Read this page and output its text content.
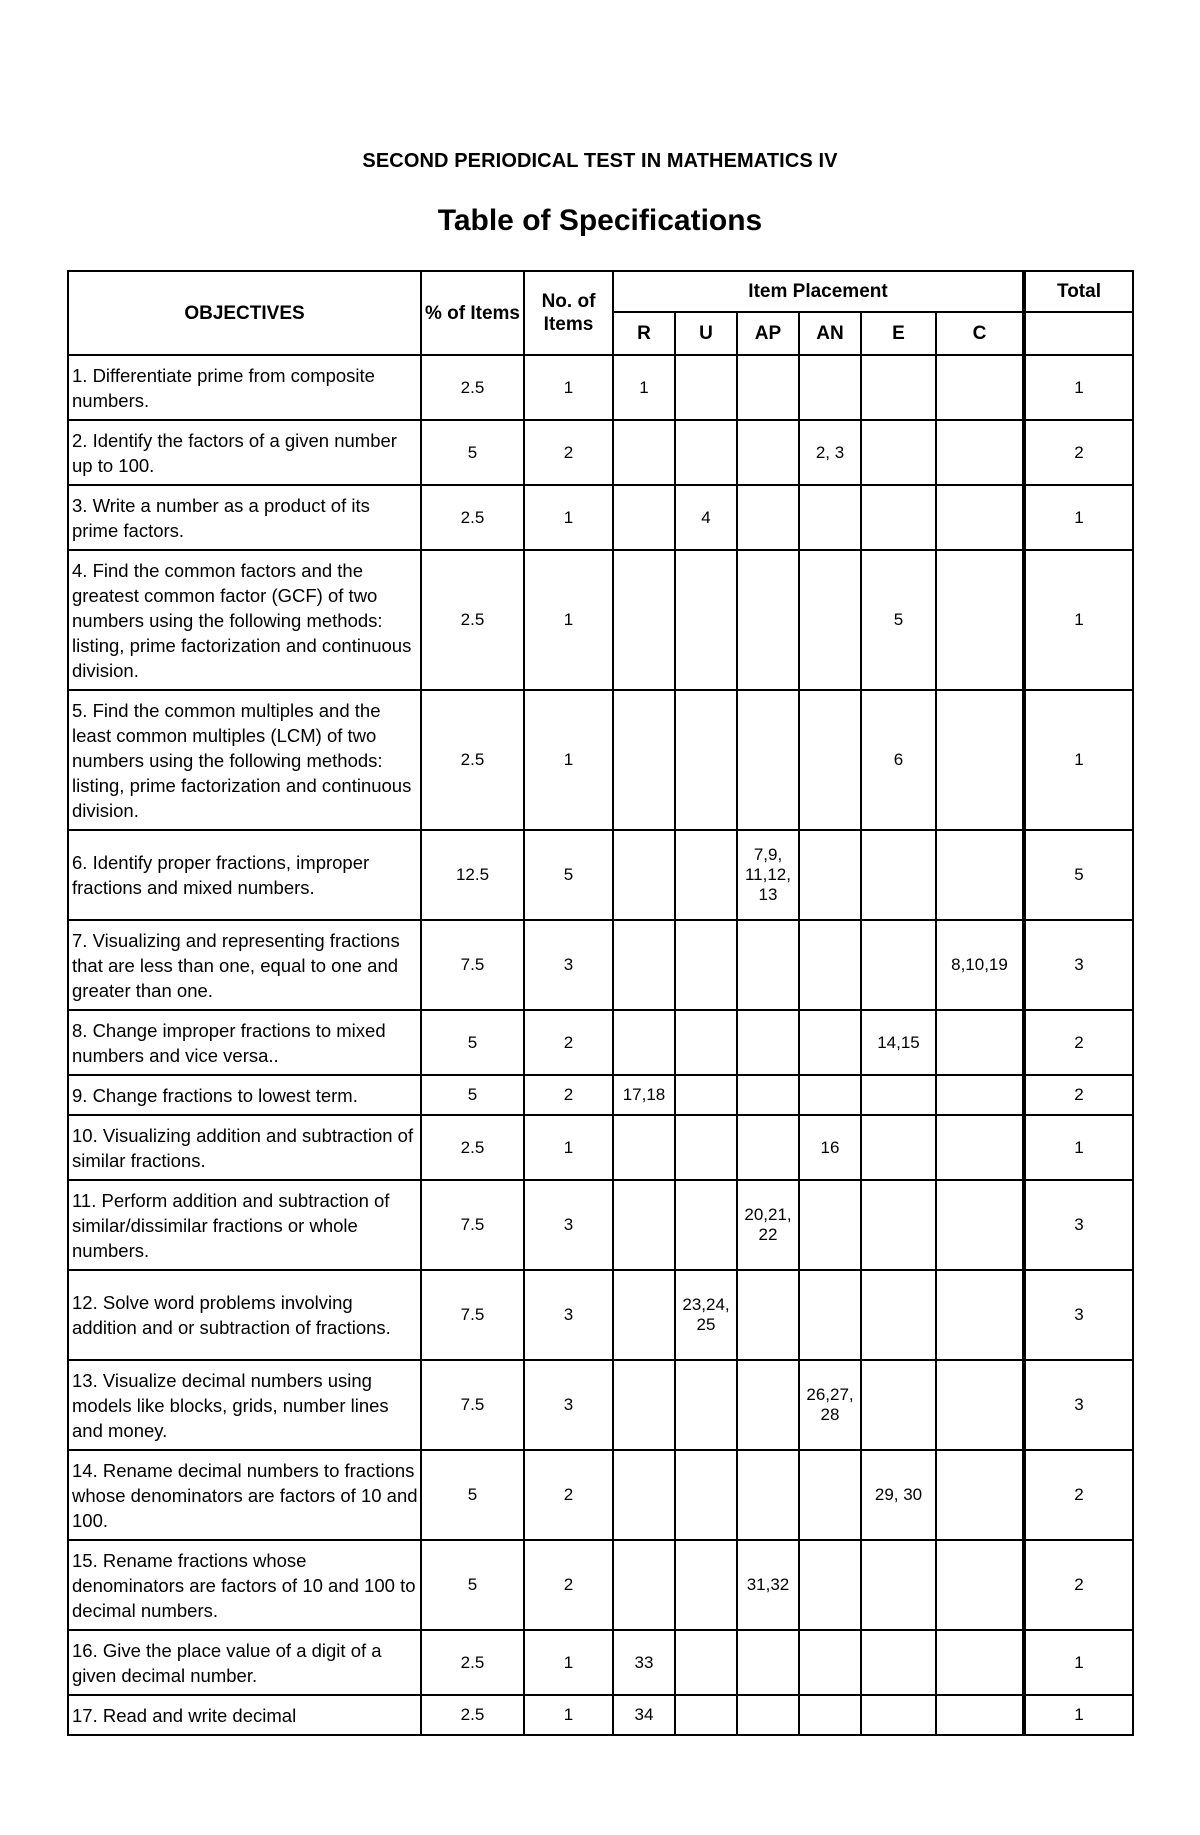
SECOND PERIODICAL TEST IN MATHEMATICS IV
Table of Specifications
OBJECTIVES	% of Items	No. of Items	Item Placement						Total
			R	U	AP	AN	E	C	
1. Differentiate prime from composite numbers.	2.5	1	1						1
2. Identify the factors of a given number up to 100.	5	2				2, 3			2
3. Write a number as a product of its prime factors.	2.5	1		4					1
4. Find the common factors and the greatest common factor (GCF) of two numbers using the following methods: listing, prime factorization and continuous division.	2.5	1					5		1
5. Find the common multiples and the least common multiples (LCM) of two numbers using the following methods: listing, prime factorization and continuous division.	2.5	1					6		1
6. Identify proper fractions, improper fractions and mixed numbers.	12.5	5			7,9, 11,12, 13				5
7. Visualizing and representing fractions that are less than one, equal to one and greater than one.	7.5	3						8,10,19	3
8. Change improper fractions to mixed numbers and vice versa..	5	2					14,15		2
9. Change fractions to lowest term.	5	2	17,18						2
10. Visualizing addition and subtraction of similar fractions.	2.5	1				16			1
11. Perform addition and subtraction of similar/dissimilar fractions or whole numbers.	7.5	3			20,21, 22				3
12. Solve word problems involving addition and or subtraction of fractions.	7.5	3		23,24, 25					3
13. Visualize decimal numbers using models like blocks, grids, number lines and money.	7.5	3				26,27, 28			3
14. Rename decimal numbers to fractions whose denominators are factors of 10 and 100.	5	2					29, 30		2
15. Rename fractions whose denominators are factors of 10 and 100 to decimal numbers.	5	2			31,32				2
16. Give the place value of a digit of a given decimal number.	2.5	1	33						1
17. Read and write decimal	2.5	1	34						1
